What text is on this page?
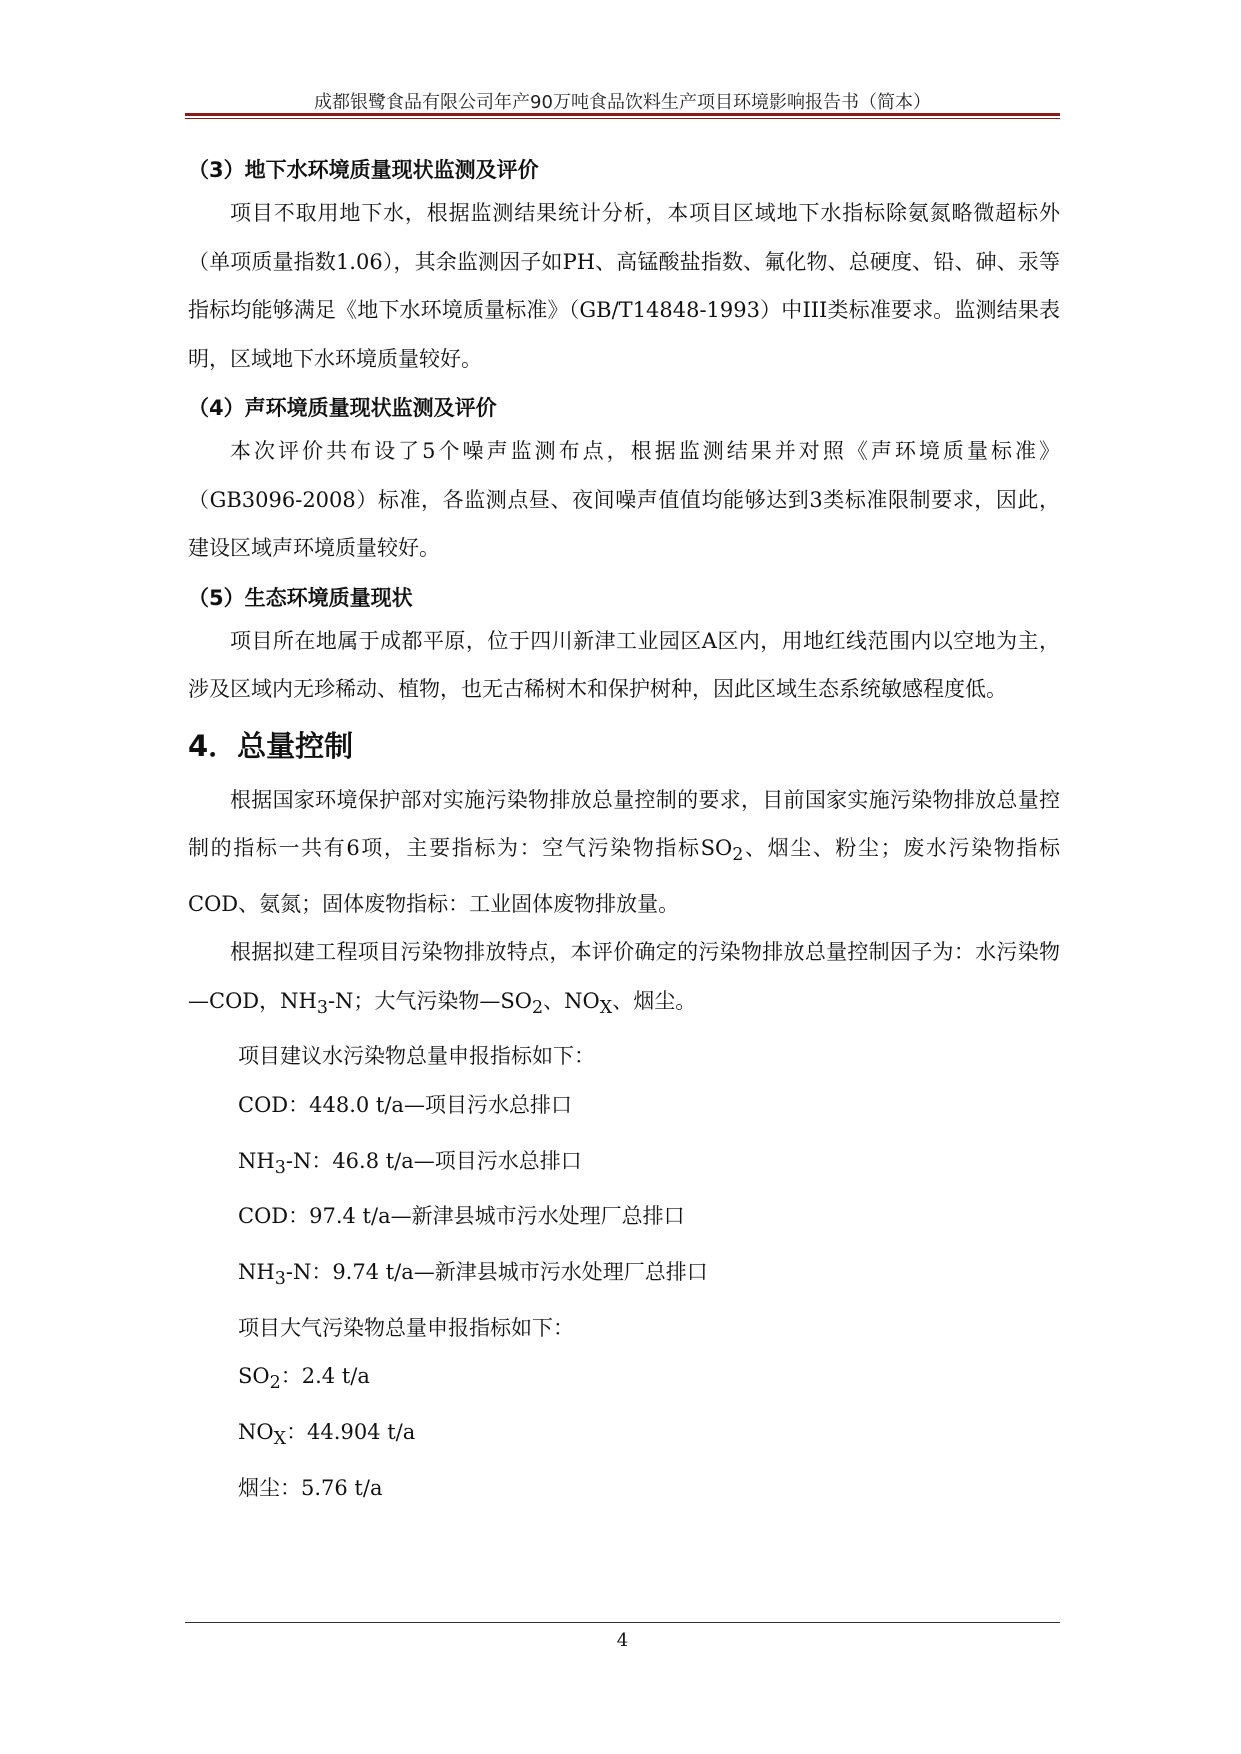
成都银鹭食品有限公司年产90万吨食品饮料生产项目环境影响报告书（简本）
（3）地下水环境质量现状监测及评价
项目不取用地下水，根据监测结果统计分析，本项目区域地下水指标除氨氮略微超标外（单项质量指数1.06），其余监测因子如PH、高锰酸盐指数、氟化物、总硬度、铅、砷、汞等指标均能够满足《地下水环境质量标准》（GB/T14848-1993）中III类标准要求。监测结果表明，区域地下水环境质量较好。
（4）声环境质量现状监测及评价
本次评价共布设了5个噪声监测布点，根据监测结果并对照《声环境质量标准》（GB3096-2008）标准，各监测点昼、夜间噪声值值均能够达到3类标准限制要求，因此，建设区域声环境质量较好。
（5）生态环境质量现状
项目所在地属于成都平原，位于四川新津工业园区A区内，用地红线范围内以空地为主，涉及区域内无珍稀动、植物，也无古稀树木和保护树种，因此区域生态系统敏感程度低。
4．总量控制
根据国家环境保护部对实施污染物排放总量控制的要求，目前国家实施污染物排放总量控制的指标一共有6项，主要指标为：空气污染物指标$SO_2$、烟尘、粉尘；废水污染物指标COD、氨氮；固体废物指标：工业固体废物排放量。
根据拟建工程项目污染物排放特点，本评价确定的污染物排放总量控制因子为：水污染物—COD，$NH_3-N$；大气污染物$—SO_2$、$NO_X$、烟尘。
项目建议水污染物总量申报指标如下：
COD：448.0 t/a—项目污水总排口
$NH_3-N$：46.8 t/a—项目污水总排口
COD：97.4 t/a—新津县城市污水处理厂总排口
$NH_3-N$：9.74 t/a—新津县城市污水处理厂总排口
项目大气污染物总量申报指标如下：
$SO_2$：2.4 t/a
$NO_X$：44.904 t/a
烟尘：5.76 t/a
4
